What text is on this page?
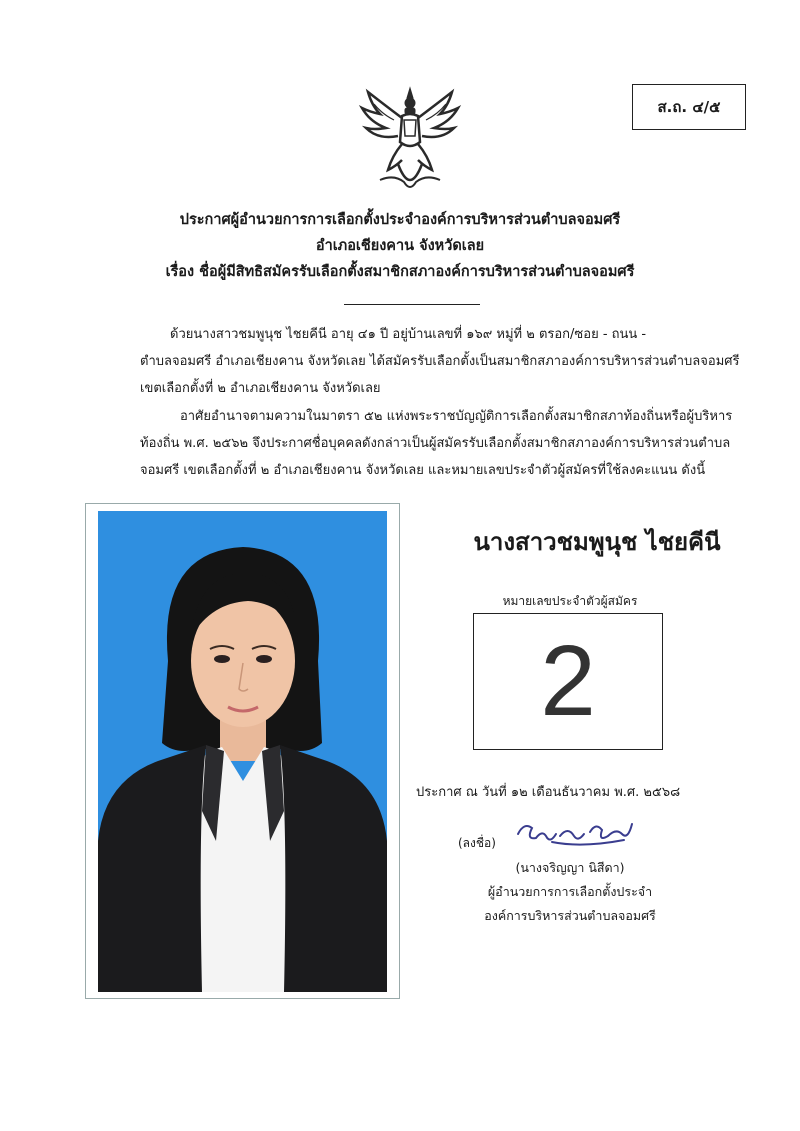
ส.ถ. ๔/๕
ประกาศผู้อำนวยการการเลือกตั้งประจำองค์การบริหารส่วนตำบลจอมศรี
อำเภอเชียงคาน จังหวัดเลย
เรื่อง ชื่อผู้มีสิทธิสมัครรับเลือกตั้งสมาชิกสภาองค์การบริหารส่วนตำบลจอมศรี
ด้วยนางสาวชมพูนุช ไชยคีนี อายุ ๔๑ ปี อยู่บ้านเลขที่ ๑๖๙ หมู่ที่ ๒ ตรอก/ซอย - ถนน -
ตำบลจอมศรี อำเภอเชียงคาน จังหวัดเลย ได้สมัครรับเลือกตั้งเป็นสมาชิกสภาองค์การบริหารส่วนตำบลจอมศรี
เขตเลือกตั้งที่ ๒ อำเภอเชียงคาน จังหวัดเลย
อาศัยอำนาจตามความในมาตรา ๕๒ แห่งพระราชบัญญัติการเลือกตั้งสมาชิกสภาท้องถิ่นหรือผู้บริหาร
ท้องถิ่น พ.ศ. ๒๕๖๒ จึงประกาศชื่อบุคคลดังกล่าวเป็นผู้สมัครรับเลือกตั้งสมาชิกสภาองค์การบริหารส่วนตำบล
จอมศรี เขตเลือกตั้งที่ ๒ อำเภอเชียงคาน จังหวัดเลย และหมายเลขประจำตัวผู้สมัครที่ใช้ลงคะแนน ดังนี้
นางสาวชมพูนุช ไชยคีนี
หมายเลขประจำตัวผู้สมัคร
2
ประกาศ ณ วันที่ ๑๒ เดือนธันวาคม พ.ศ. ๒๕๖๘
(ลงชื่อ)
(นางจริญญา นิสีดา)
ผู้อำนวยการการเลือกตั้งประจำ
องค์การบริหารส่วนตำบลจอมศรี
